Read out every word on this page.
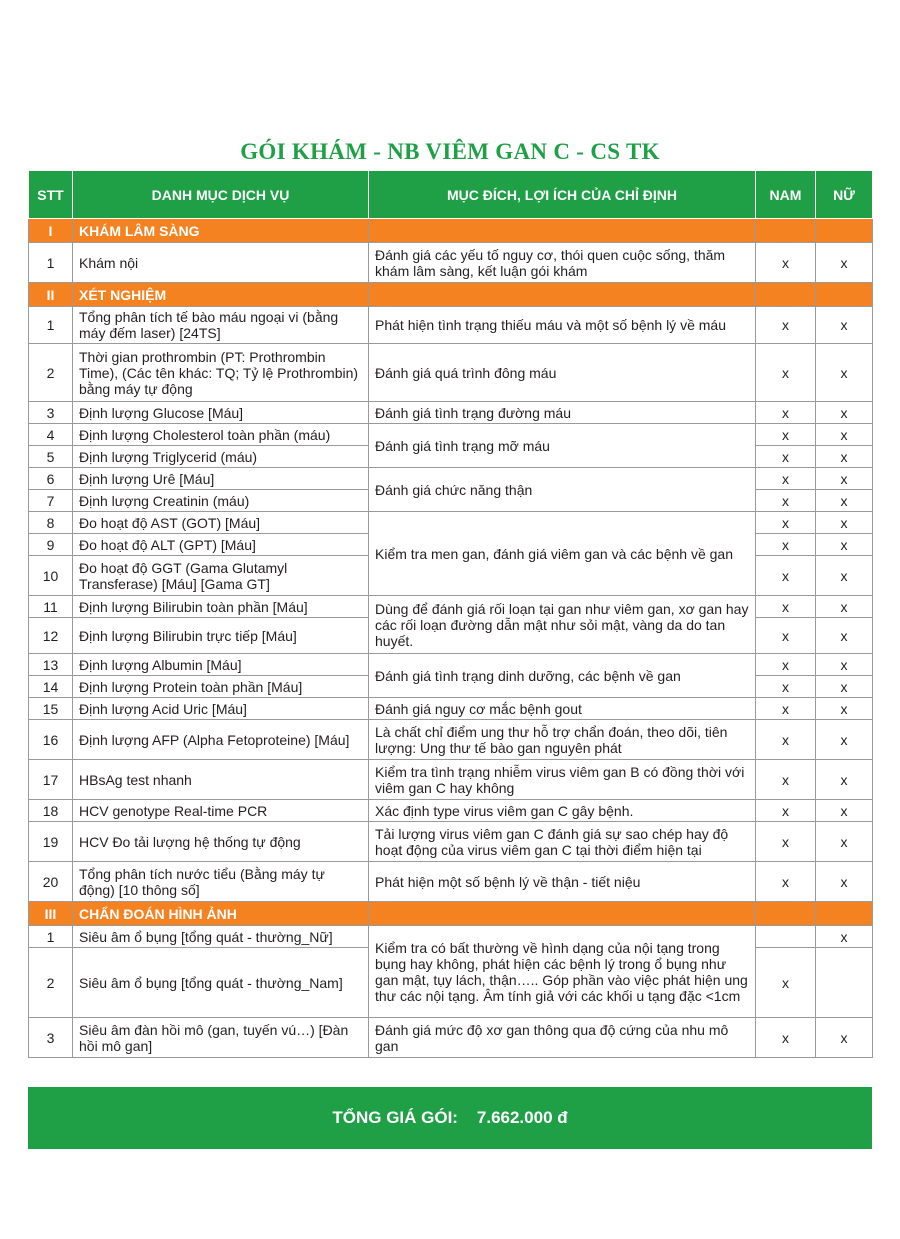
GÓI KHÁM - NB VIÊM GAN C - CS TK
STT	DANH MỤC DỊCH VỤ	MỤC ĐÍCH, LỢI ÍCH CỦA CHỈ ĐỊNH	NAM	NỮ
I	KHÁM LÂM SÀNG			
1	Khám nội	Đánh giá các yếu tố nguy cơ, thói quen cuộc sống, thăm khám lâm sàng, kết luận gói khám	x	x
II	XÉT NGHIỆM			
1	Tổng phân tích tế bào máu ngoại vi (bằng máy đếm laser) [24TS]	Phát hiện tình trạng thiếu máu và một số bệnh lý về máu	x	x
2	Thời gian prothrombin (PT: Prothrombin Time), (Các tên khác: TQ; Tỷ lệ Prothrombin) bằng máy tự động	Đánh giá quá trình đông máu	x	x
3	Định lượng Glucose [Máu]	Đánh giá tình trạng đường máu	x	x
4	Định lượng Cholesterol toàn phần (máu)	Đánh giá tình trạng mỡ máu	x	x
5	Định lượng Triglycerid (máu)		x	x
6	Định lượng Urê [Máu]	Đánh giá chức năng thận	x	x
7	Định lượng Creatinin (máu)		x	x
8	Đo hoạt độ AST (GOT) [Máu]	Kiểm tra men gan, đánh giá viêm gan và các bệnh về gan	x	x
9	Đo hoạt độ ALT (GPT) [Máu]		x	x
10	Đo hoạt độ GGT (Gama Glutamyl Transferase) [Máu] [Gama GT]		x	x
11	Định lượng Bilirubin toàn phần [Máu]	Dùng để đánh giá rối loạn tại gan như viêm gan, xơ gan hay các rối loạn đường dẫn mật như sỏi mật, vàng da do tan huyết.	x	x
12	Định lượng Bilirubin trực tiếp [Máu]		x	x
13	Định lượng Albumin [Máu]	Đánh giá tình trạng dinh dưỡng, các bệnh về gan	x	x
14	Định lượng Protein toàn phần [Máu]		x	x
15	Định lượng Acid Uric [Máu]	Đánh giá nguy cơ mắc bệnh gout	x	x
16	Định lượng AFP (Alpha Fetoproteine) [Máu]	Là chất chỉ điểm ung thư hỗ trợ chẩn đoán, theo dõi, tiên lượng: Ung thư tế bào gan nguyên phát	x	x
17	HBsAg test nhanh	Kiểm tra tình trạng nhiễm virus viêm gan B có đồng thời với viêm gan C hay không	x	x
18	HCV genotype Real-time PCR	Xác định type virus viêm gan C gây bệnh.	x	x
19	HCV Đo tải lượng hệ thống tự động	Tải lượng virus viêm gan C đánh giá sự sao chép hay độ hoạt động của virus viêm gan C tại thời điểm hiện tại	x	x
20	Tổng phân tích nước tiểu (Bằng máy tự động) [10 thông số]	Phát hiện một số bệnh lý về thận - tiết niệu	x	x
III	CHẨN ĐOÁN HÌNH ẢNH			
1	Siêu âm ổ bụng [tổng quát - thường_Nữ]	Kiểm tra có bất thường về hình dạng của nội tạng trong bụng hay không, phát hiện các bệnh lý trong ổ bụng như gan mật, tụy lách, thận….. Góp phần vào việc phát hiện ung thư các nội tạng. Âm tính giả với các khối u tạng đặc <1cm		x
2	Siêu âm ổ bụng [tổng quát - thường_Nam]		x	
3	Siêu âm đàn hồi mô (gan, tuyến vú…) [Đàn hồi mô gan]	Đánh giá mức độ xơ gan thông qua độ cứng của nhu mô gan	x	x
TỔNG GIÁ GÓI: 7.662.000 đ
